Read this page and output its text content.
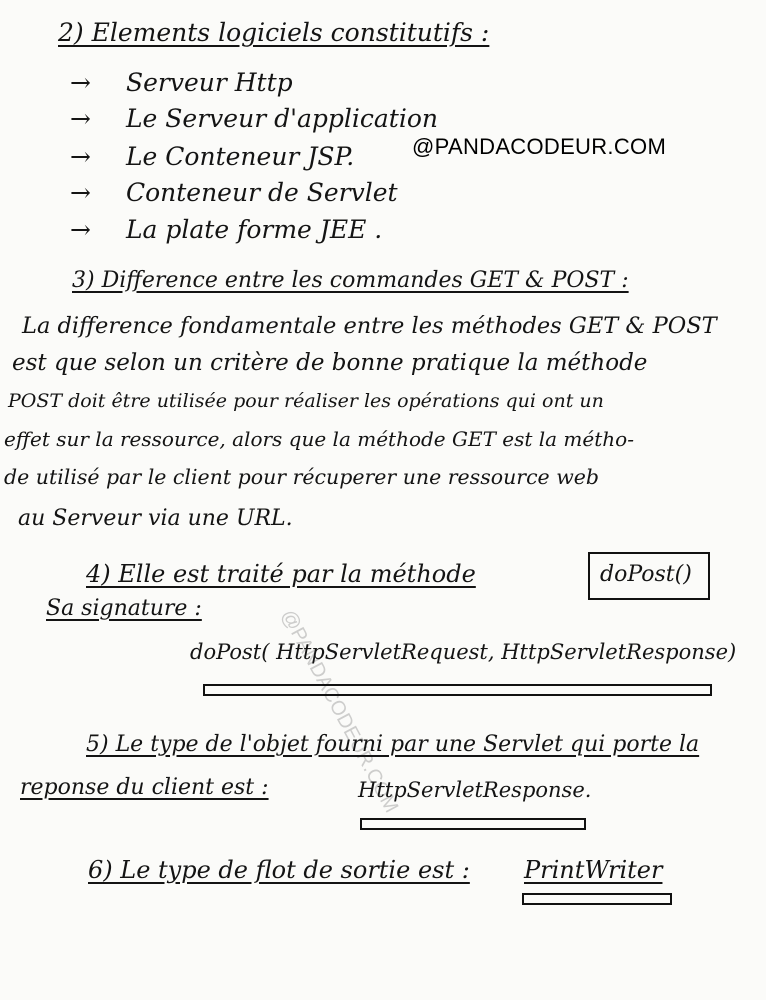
2) Elements logiciels constitutifs :
→ Serveur Http
→ Le Serveur d'application
→ Le Conteneur JSP.
→ Conteneur de Servlet
→ La plate forme JEE .
@PANDACODEUR.COM
3) Difference entre les commandes GET & POST :
La difference fondamentale entre les méthodes GET & POST
est que selon un critère de bonne pratique la méthode
POST doit être utilisée pour réaliser les opérations qui ont un
effet sur la ressource, alors que la méthode GET est la métho-
de utilisé par le client pour récuperer une ressource web
au Serveur via une URL.
@PANDACODEUR.COM
4) Elle est traité par la méthode	doPost()
Sa signature :
doPost( HttpServletRequest, HttpServletResponse)
5) Le type de l'objet fourni par une Servlet qui porte la
reponse du client est :	HttpServletResponse.
6) Le type de flot de sortie est : PrintWriter
